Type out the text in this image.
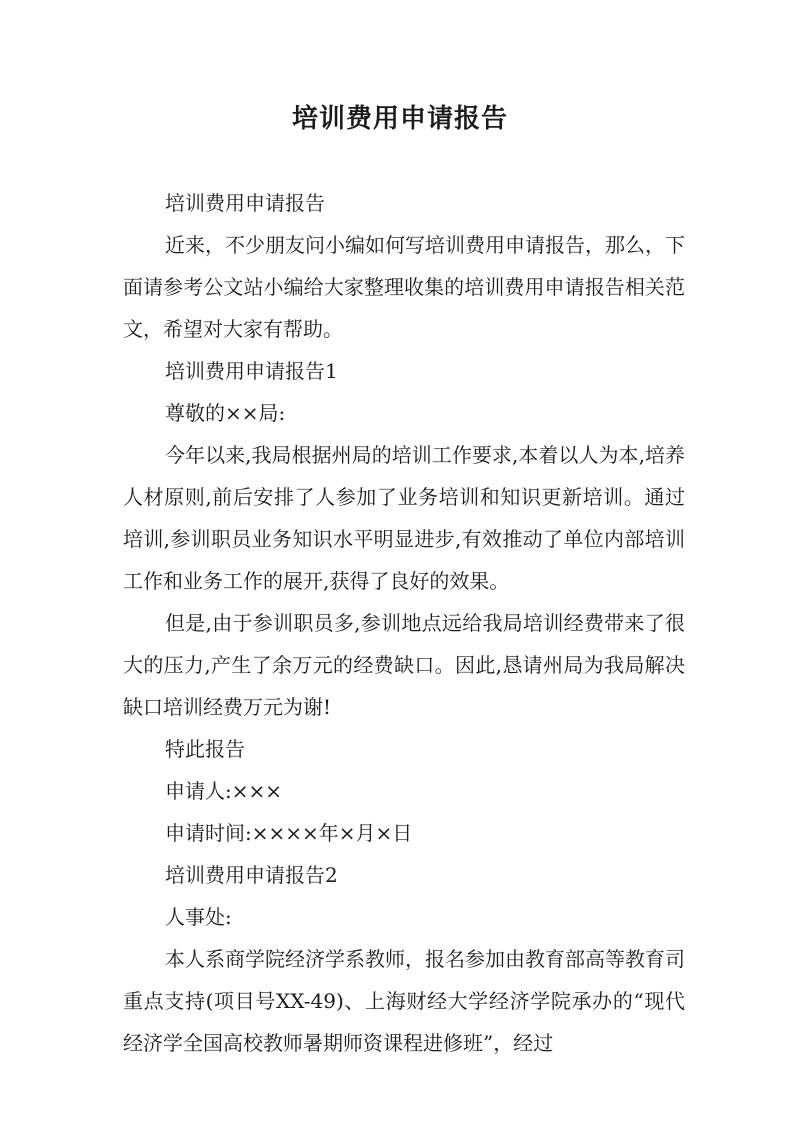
培训费用申请报告

培训费用申请报告

近来，不少朋友问小编如何写培训费用申请报告，那么，下面请参考公文站小编给大家整理收集的培训费用申请报告相关范文，希望对大家有帮助。

培训费用申请报告1

尊敬的××局:

今年以来,我局根据州局的培训工作要求,本着以人为本,培养人材原则,前后安排了人参加了业务培训和知识更新培训。通过培训,参训职员业务知识水平明显进步,有效推动了单位内部培训工作和业务工作的展开,获得了良好的效果。

但是,由于参训职员多,参训地点远给我局培训经费带来了很大的压力,产生了余万元的经费缺口。因此,恳请州局为我局解决缺口培训经费万元为谢!

特此报告

申请人:×××

申请时间:××××年×月×日

培训费用申请报告2

人事处:

本人系商学院经济学系教师，报名参加由教育部高等教育司重点支持(项目号XX-49)、上海财经大学经济学院承办的“现代经济学全国高校教师暑期师资课程进修班”，经过
